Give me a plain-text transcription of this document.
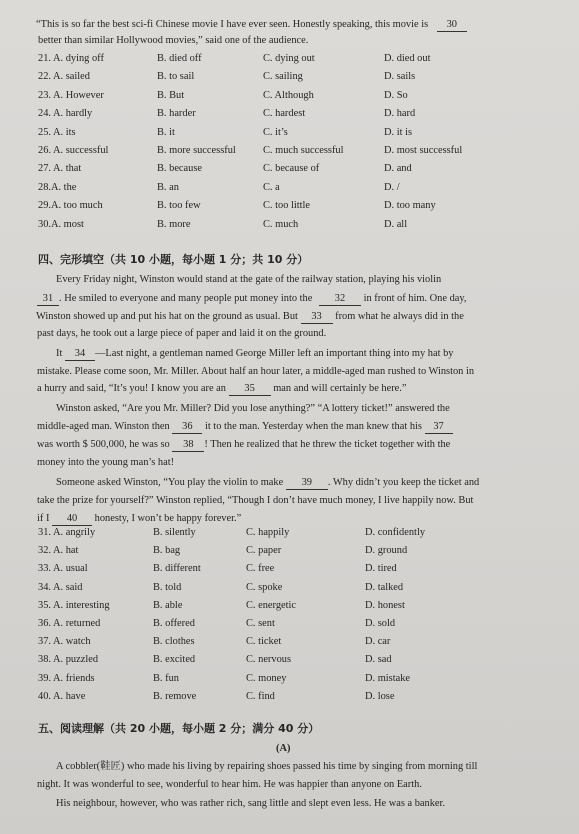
“This is so far the best sci-fi Chinese movie I have ever seen. Honestly speaking, this movie is 30
better than similar Hollywood movies,” said one of the audience.
21. A. dying off	B. died off	C. dying out	D. died out
22. A. sailed	B. to sail	C. sailing	D. sails
23. A. However	B. But	C. Although	D. So
24. A. hardly	B. harder	C. hardest	D. hard
25. A. its	B. it	C. it’s	D. it is
26. A. successful	B. more successful	C. much successful	D. most successful
27. A. that	B. because	C. because of	D. and
28.A. the	B. an	C. a	D. /
29.A. too much	B. too few	C. too little	D. too many
30.A. most	B. more	C. much	D. all
四、完形填空（共 10 小题，每小题 1 分；共 10 分）
Every Friday night, Winston would stand at the gate of the railway station, playing his violin
31 . He smiled to everyone and many people put money into the 32 in front of him. One day,
Winston showed up and put his hat on the ground as usual. But 33 from what he always did in the
past days, he took out a large piece of paper and laid it on the ground.
It 34 —Last night, a gentleman named George Miller left an important thing into my hat by
mistake. Please come soon, Mr. Miller. About half an hour later, a middle-aged man rushed to Winston in
a hurry and said, “It’s you! I know you are an 35 man and will certainly be here.”
Winston asked, “Are you Mr. Miller? Did you lose anything?” “A lottery ticket!” answered the
middle-aged man. Winston then 36 it to the man. Yesterday when the man knew that his 37
was worth $ 500,000, he was so 38 ! Then he realized that he threw the ticket together with the
money into the young man’s hat!
Someone asked Winston, “You play the violin to make 39 . Why didn’t you keep the ticket and
take the prize for yourself?” Winston replied, “Though I don’t have much money, I live happily now. But
if I 40 honesty, I won’t be happy forever.”
31. A. angrily	B. silently	C. happily	D. confidently
32. A. hat	B. bag	C. paper	D. ground
33. A. usual	B. different	C. free	D. tired
34. A. said	B. told	C. spoke	D. talked
35. A. interesting	B. able	C. energetic	D. honest
36. A. returned	B. offered	C. sent	D. sold
37. A. watch	B. clothes	C. ticket	D. car
38. A. puzzled	B. excited	C. nervous	D. sad
39. A. friends	B. fun	C. money	D. mistake
40. A. have	B. remove	C. find	D. lose
五、阅读理解（共 20 小题，每小题 2 分；满分 40 分）
(A)
A cobbler(鞋匠) who made his living by repairing shoes passed his time by singing from morning till
night. It was wonderful to see, wonderful to hear him. He was happier than anyone on Earth.
His neighbour, however, who was rather rich, sang little and slept even less. He was a banker.
